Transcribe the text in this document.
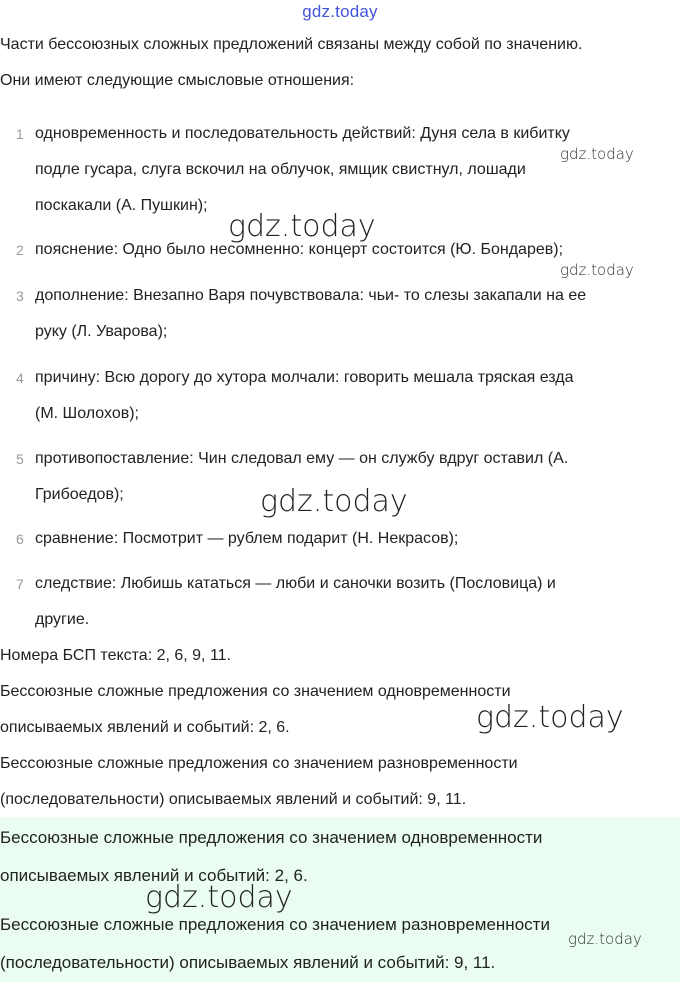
gdz.today
Части бессоюзных сложных предложений связаны между собой по значению.
Они имеют следующие смысловые отношения:
1 одновременность и последовательность действий: Дуня села в кибитку
подле гусара, слуга вскочил на облучок, ямщик свистнул, лошади
поскакали (А. Пушкин);
2 пояснение: Одно было несомненно: концерт состоится (Ю. Бондарев);
3 дополнение: Внезапно Варя почувствовала: чьи- то слезы закапали на ее
руку (Л. Уварова);
4 причину: Всю дорогу до хутора молчали: говорить мешала тряская езда
(М. Шолохов);
5 противопоставление: Чин следовал ему — он службу вдруг оставил (А.
Грибоедов);
6 сравнение: Посмотрит — рублем подарит (Н. Некрасов);
7 следствие: Любишь кататься — люби и саночки возить (Пословица) и
другие.
Номера БСП текста: 2, 6, 9, 11.
Бессоюзные сложные предложения со значением одновременности
описываемых явлений и событий: 2, 6.
Бессоюзные сложные предложения со значением разновременности
(последовательности) описываемых явлений и событий: 9, 11.
Бессоюзные сложные предложения со значением одновременности
описываемых явлений и событий: 2, 6.
Бессоюзные сложные предложения со значением разновременности
(последовательности) описываемых явлений и событий: 9, 11.
gdz.today
gdz.today
gdz.today
gdz.today
gdz.today
gdz.today
gdz.today
